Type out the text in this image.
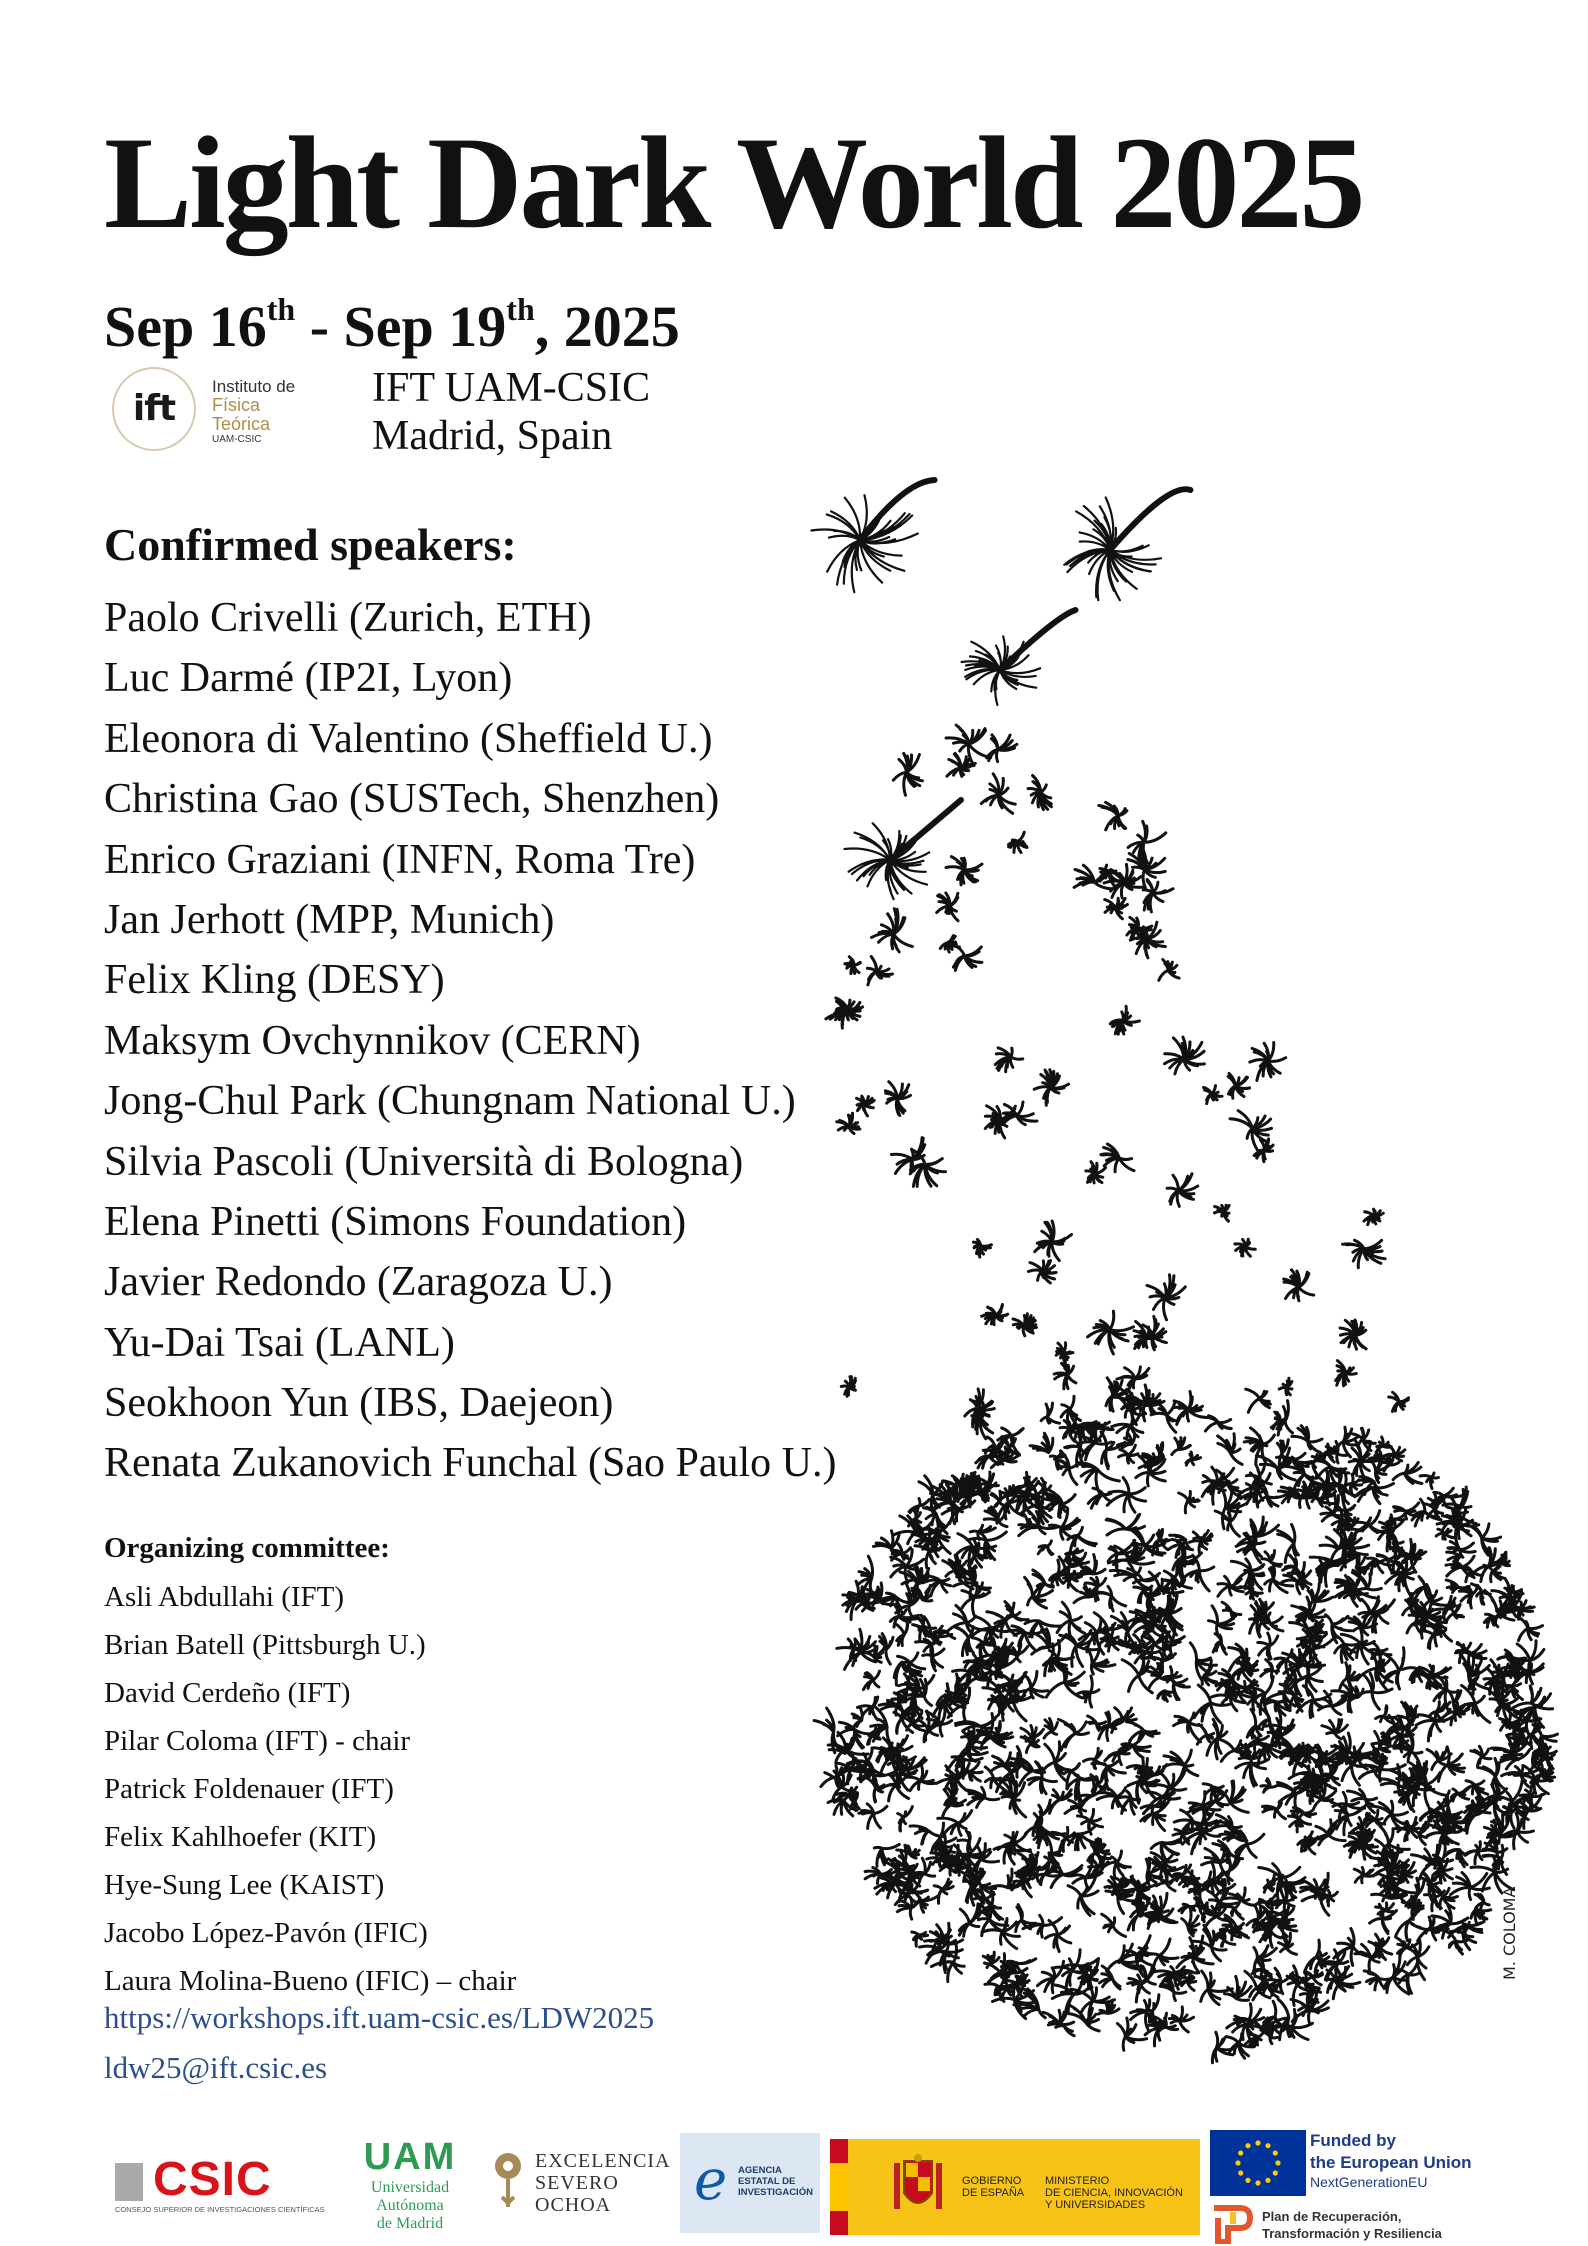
Light Dark World 2025
Sep 16th - Sep 19th, 2025
ift
Instituto de
Física
Teórica
UAM-CSIC
IFT UAM-CSIC
Madrid, Spain
Confirmed speakers:
Paolo Crivelli (Zurich, ETH)
Luc Darmé (IP2I, Lyon)
Eleonora di Valentino (Sheffield U.)
Christina Gao (SUSTech, Shenzhen)
Enrico Graziani (INFN, Roma Tre)
Jan Jerhott (MPP, Munich)
Felix Kling (DESY)
Maksym Ovchynnikov (CERN)
Jong-Chul Park (Chungnam National U.)
Silvia Pascoli (Università di Bologna)
Elena Pinetti (Simons Foundation)
Javier Redondo (Zaragoza U.)
Yu-Dai Tsai (LANL)
Seokhoon Yun (IBS, Daejeon)
Renata Zukanovich Funchal (Sao Paulo U.)
Organizing committee:
Asli Abdullahi (IFT)
Brian Batell (Pittsburgh U.)
David Cerdeño (IFT)
Pilar Coloma (IFT) - chair
Patrick Foldenauer (IFT)
Felix Kahlhoefer (KIT)
Hye-Sung Lee (KAIST)
Jacobo López-Pavón (IFIC)
Laura Molina-Bueno (IFIC) – chair
https://workshops.ift.uam-csic.es/LDW2025
ldw25@ift.csic.es
M. COLOMA
CSIC
CONSEJO SUPERIOR DE INVESTIGACIONES CIENTÍFICAS
UAM
Universidad Autónoma
de Madrid
EXCELENCIA
SEVERO
OCHOA	e AGENCIA
ESTATAL DE
INVESTIGACIÓN
GOBIERNO
DE ESPAÑA
MINISTERIO
DE CIENCIA, INNOVACIÓN
Y UNIVERSIDADES
Funded by
the European Union
NextGenerationEU
Plan de Recuperación,
Transformación y Resiliencia
